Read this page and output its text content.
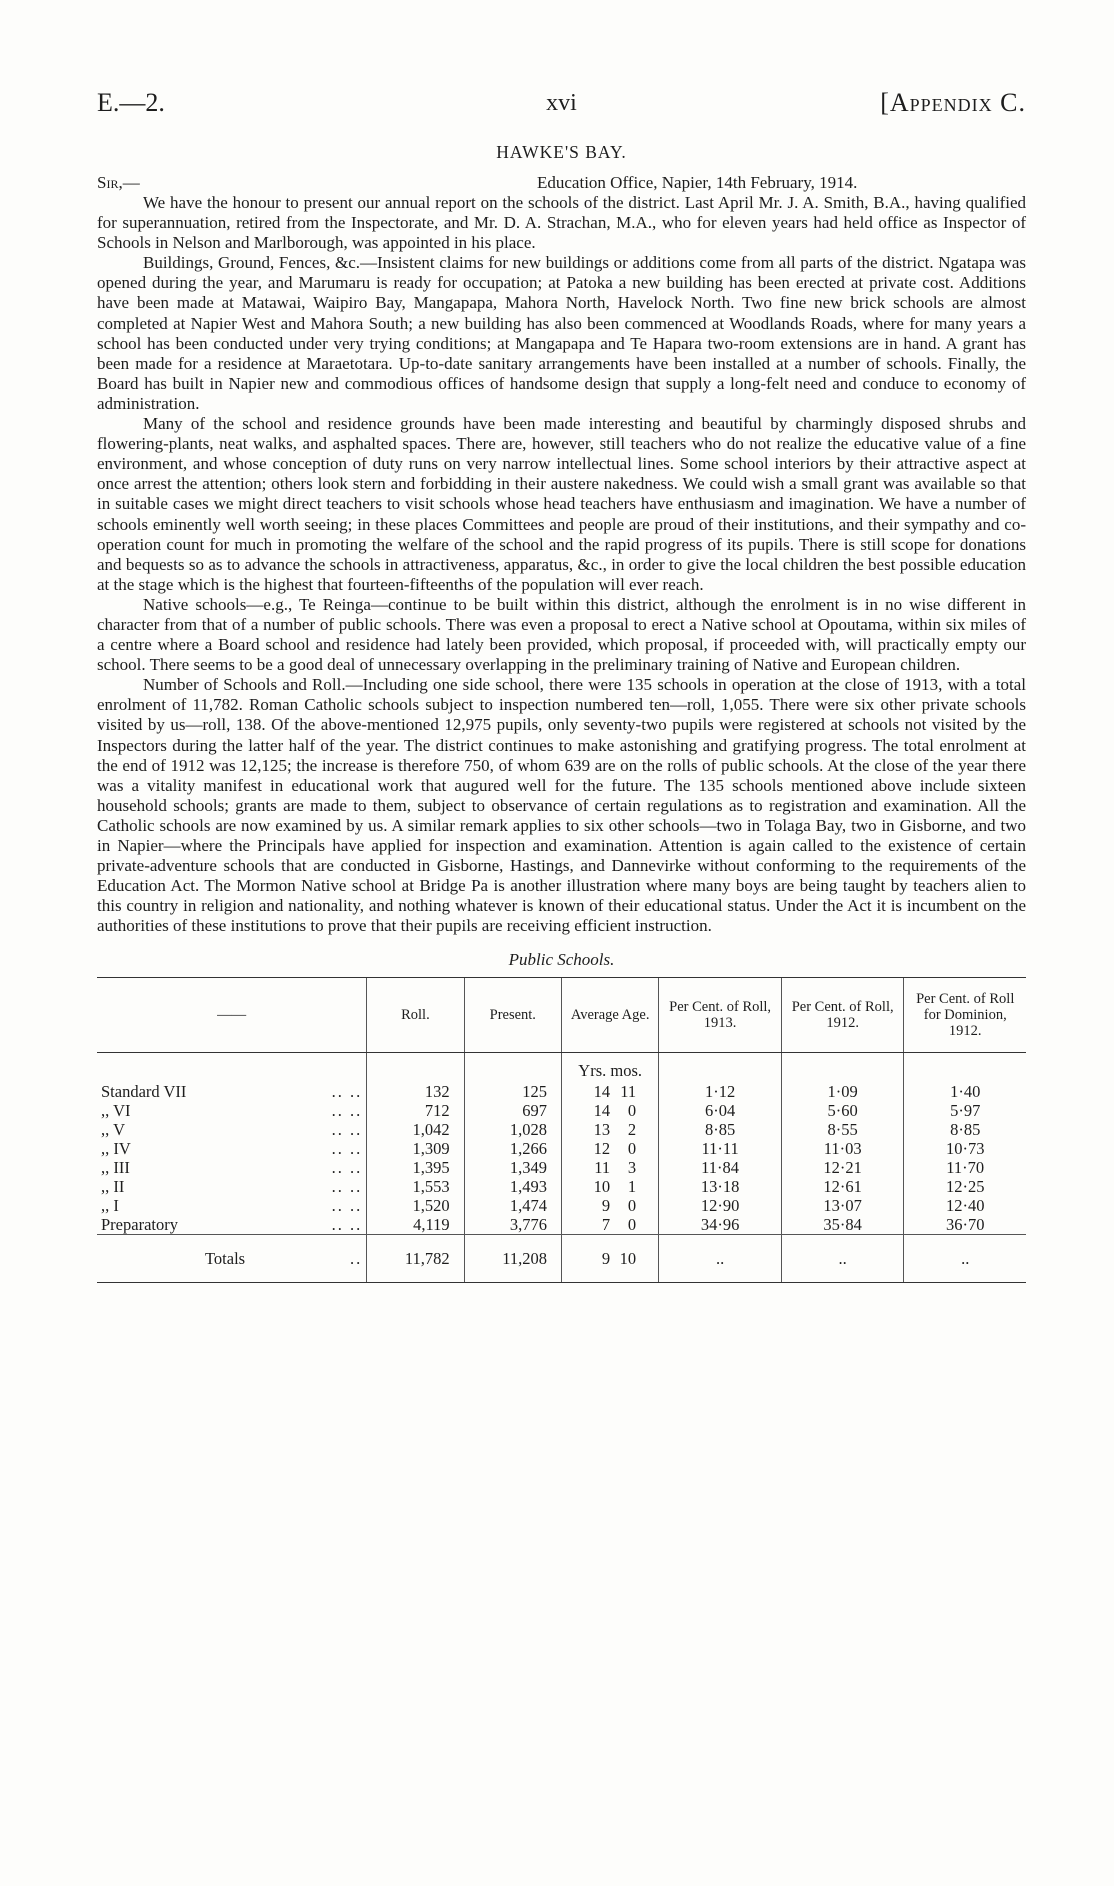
E.—2.	xvi	[Appendix C.
HAWKE'S BAY.
Sir,—	Education Office, Napier, 14th February, 1914.

We have the honour to present our annual report on the schools of the district. Last April Mr. J. A. Smith, B.A., having qualified for superannuation, retired from the Inspectorate, and Mr. D. A. Strachan, M.A., who for eleven years had held office as Inspector of Schools in Nelson and Marlborough, was appointed in his place.

Buildings, Ground, Fences, &c.—Insistent claims for new buildings or additions come from all parts of the district. Ngatapa was opened during the year, and Marumaru is ready for occupation; at Patoka a new building has been erected at private cost. Additions have been made at Matawai, Waipiro Bay, Mangapapa, Mahora North, Havelock North. Two fine new brick schools are almost completed at Napier West and Mahora South; a new building has also been commenced at Woodlands Roads, where for many years a school has been conducted under very trying conditions; at Mangapapa and Te Hapara two-room extensions are in hand. A grant has been made for a residence at Maraetotara. Up-to-date sanitary arrangements have been installed at a number of schools. Finally, the Board has built in Napier new and commodious offices of handsome design that supply a long-felt need and conduce to economy of administration.

Many of the school and residence grounds have been made interesting and beautiful by charmingly disposed shrubs and flowering-plants, neat walks, and asphalted spaces. There are, however, still teachers who do not realize the educative value of a fine environment, and whose conception of duty runs on very narrow intellectual lines. Some school interiors by their attractive aspect at once arrest the attention; others look stern and forbidding in their austere nakedness. We could wish a small grant was available so that in suitable cases we might direct teachers to visit schools whose head teachers have enthusiasm and imagination. We have a number of schools eminently well worth seeing; in these places Committees and people are proud of their institutions, and their sympathy and co-operation count for much in promoting the welfare of the school and the rapid progress of its pupils. There is still scope for donations and bequests so as to advance the schools in attractiveness, apparatus, &c., in order to give the local children the best possible education at the stage which is the highest that fourteen-fifteenths of the population will ever reach.

Native schools—e.g., Te Reinga—continue to be built within this district, although the enrolment is in no wise different in character from that of a number of public schools. There was even a proposal to erect a Native school at Opoutama, within six miles of a centre where a Board school and residence had lately been provided, which proposal, if proceeded with, will practically empty our school. There seems to be a good deal of unnecessary overlapping in the preliminary training of Native and European children.

Number of Schools and Roll.—Including one side school, there were 135 schools in operation at the close of 1913, with a total enrolment of 11,782. Roman Catholic schools subject to inspection numbered ten—roll, 1,055. There were six other private schools visited by us—roll, 138. Of the above-mentioned 12,975 pupils, only seventy-two pupils were registered at schools not visited by the Inspectors during the latter half of the year. The district continues to make astonishing and gratifying progress. The total enrolment at the end of 1912 was 12,125; the increase is therefore 750, of whom 639 are on the rolls of public schools. At the close of the year there was a vitality manifest in educational work that augured well for the future. The 135 schools mentioned above include sixteen household schools; grants are made to them, subject to observance of certain regulations as to registration and examination. All the Catholic schools are now examined by us. A similar remark applies to six other schools—two in Tolaga Bay, two in Gisborne, and two in Napier—where the Principals have applied for inspection and examination. Attention is again called to the existence of certain private-adventure schools that are conducted in Gisborne, Hastings, and Dannevirke without conforming to the requirements of the Education Act. The Mormon Native school at Bridge Pa is another illustration where many boys are being taught by teachers alien to this country in religion and nationality, and nothing whatever is known of their educational status. Under the Act it is incumbent on the authorities of these institutions to prove that their pupils are receiving efficient instruction.

Public Schools.
——	Roll.	Present.	Average Age.	Per Cent. of Roll, 1913.	Per Cent. of Roll, 1912.	Per Cent. of Roll for Dominion, 1912.
			Yrs. mos.			
Standard VII .. ..	132	125	14 11	1·12	1·09	1·40
,, VI .. ..	712	697	14 0	6·04	5·60	5·97
,, V .. ..	1,042	1,028	13 2	8·85	8·55	8·85
,, IV .. ..	1,309	1,266	12 0	11·11	11·03	10·73
,, III .. ..	1,395	1,349	11 3	11·84	12·21	11·70
,, II .. ..	1,553	1,493	10 1	13·18	12·61	12·25
,, I .. ..	1,520	1,474	9 0	12·90	13·07	12·40
Preparatory .. ..	4,119	3,776	7 0	34·96	35·84	36·70
Totals ..	11,782	11,208	9 10	..	..	..
